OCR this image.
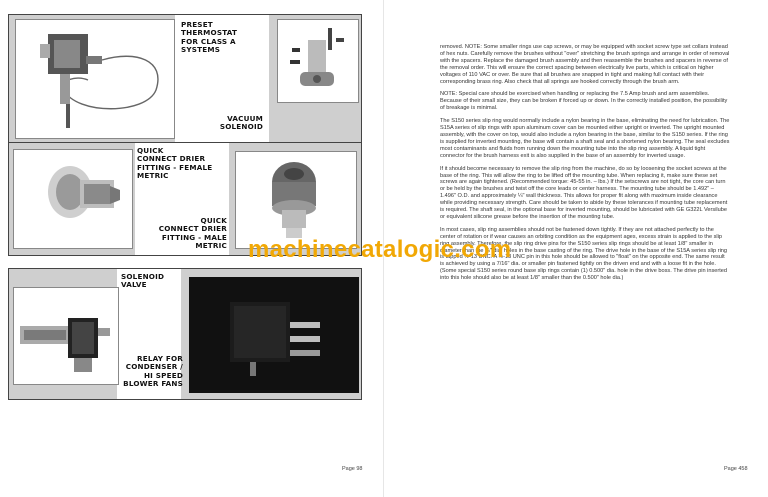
PRESET
THERMOSTAT
FOR CLASS A
SYSTEMS
VACUUM
SOLENOID
QUICK
CONNECT DRIER
FITTING - FEMALE
METRIC
QUICK
CONNECT DRIER
FITTING - MALE METRIC
SOLENOID
VALVE
RELAY FOR
CONDENSER /
HI SPEED
BLOWER FANS
Page 98	Page 458

removed. NOTE: Some smaller rings use cap screws, or may be equipped with socket screw type set collars instead of hex nuts. Carefully remove the brushes without "over" stretching the brush springs and arrange in order of removal with the spacers. Replace the damaged brush assembly and then reassemble the brushes and spacers in reverse of the removal order. This will ensure the correct spacing between electrically live parts, which is critical on higher voltages of 110 VAC or over. Be sure that all brushes are snapped in tight and making full contact with their corresponding brass ring. Also check that all springs are hooked correctly through the brush arm.

NOTE: Special care should be exercised when handling or replacing the 7.5 Amp brush and arm assemblies. Because of their small size, they can be broken if forced up or down. In the correctly installed position, the possibility of breakage is minimal.

The S150 series slip ring would normally include a nylon bearing in the base, eliminating the need for lubrication. The S15A series of slip rings with spun aluminum cover can be mounted either upright or inverted. The upright mounted assembly, with the cover on top, would also include a nylon bearing in the base, similar to the S150 series. If the ring is supplied for inverted mounting, the base will contain a shaft seal and a shortened nylon bearing. The seal excludes most contaminants and fluids from running down the mounting tube into the slip ring assembly. A liquid tight connector for the brush harness exit is also supplied in the base of an assembly for inverted usage.

If it should become necessary to remove the slip ring from the machine, do so by loosening the socket screws at the base of the ring. This will allow the ring to be lifted off the mounting tube. When replacing it, make sure these set screws are again tightened. (Recommended torque: 45-55 in. – lbs.) If the setscrews are not tight, the core can turn or be held by the brushes and twist off the core leads or center harness. The mounting tube should be 1.492" – 1.496" O.D. and approximately ¼" wall thickness. This allows for proper fit along with maximum inside clearance while providing necessary strength. Care should be taken to abide by these tolerances if mounting tube replacement is required. The shaft seal, in the optional base for inverted mounting, should be lubricated with GE G322L Versilube or equivalent silicone grease before the insertion of the mounting tube.

In most cases, slip ring assemblies should not be fastened down tightly. If they are not attached perfectly to the center of rotation or if wear causes an orbiting condition as the equipment ages, excess strain is applied to the slip ring assembly. Therefore, the slip ring drive pins for the S150 series slip rings should be at least 1/8" smaller in diameter than the ¾" dia. holes in the base casting of the ring. The drive hole in the base of the S15A series slip ring is tapped ½-13 UNC. A ½-13 UNC pin in this hole should be allowed to "float" on the opposite end. The same result is achieved by using a 7/16" dia. or smaller pin fastened tightly on the driven end and with a loose fit in the hole. (Some special S150 series round base slip rings contain (1) 0.500" dia. hole in the drive boss. The drive pin inserted into this hole should also be at least 1/8" smaller than the 0.500" hole dia.)

machinecatalogic.com
